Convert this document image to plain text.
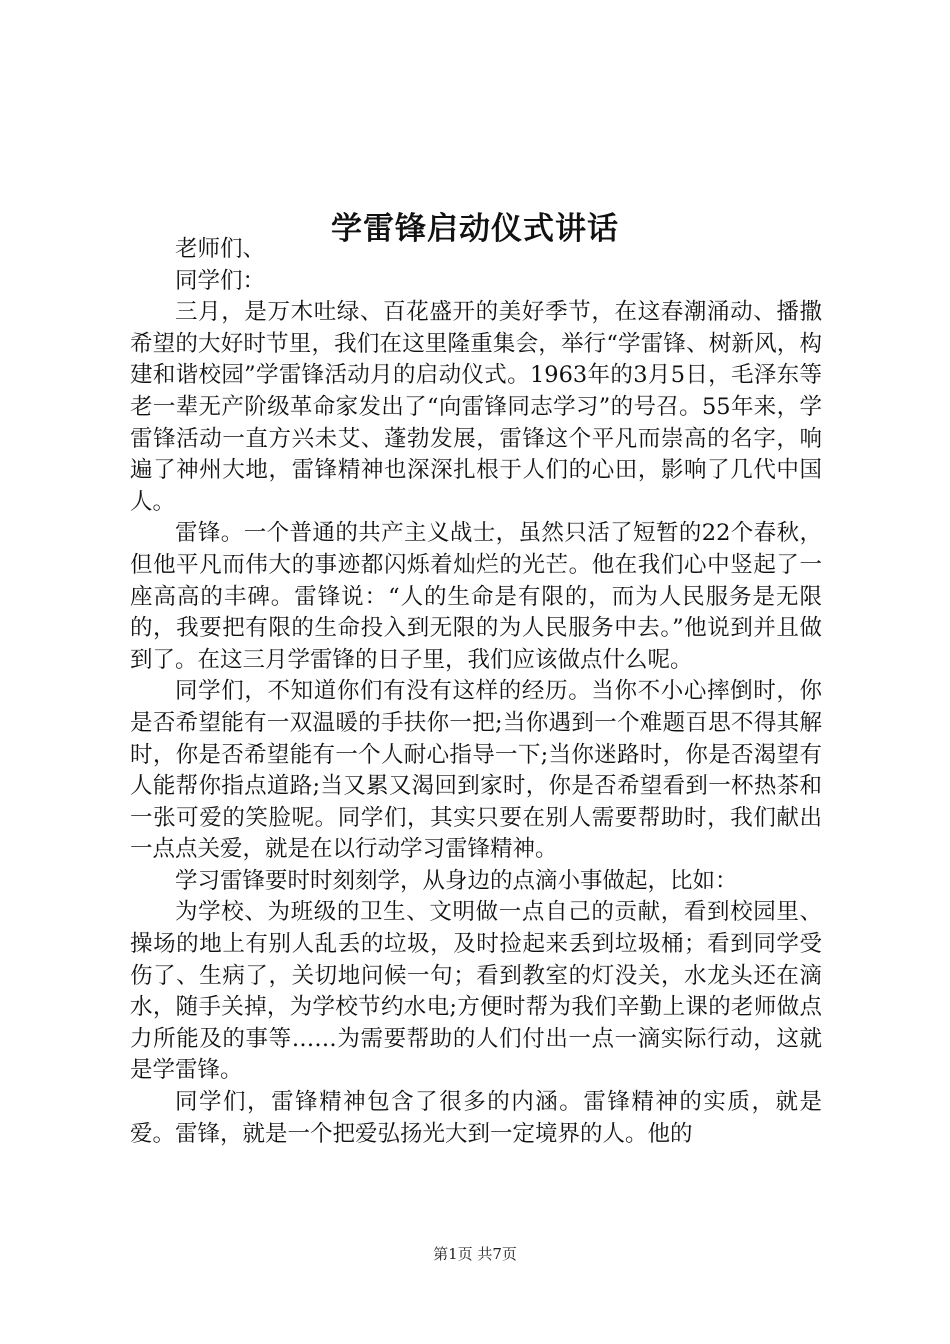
学雷锋启动仪式讲话

老师们、

同学们：

三月，是万木吐绿、百花盛开的美好季节，在这春潮涌动、播撒希望的大好时节里，我们在这里隆重集会，举行“学雷锋、树新风，构建和谐校园”学雷锋活动月的启动仪式。1963年的3月5日，毛泽东等老一辈无产阶级革命家发出了“向雷锋同志学习”的号召。55年来，学雷锋活动一直方兴未艾、蓬勃发展，雷锋这个平凡而崇高的名字，响遍了神州大地，雷锋精神也深深扎根于人们的心田，影响了几代中国人。

雷锋。一个普通的共产主义战士，虽然只活了短暂的22个春秋，但他平凡而伟大的事迹都闪烁着灿烂的光芒。他在我们心中竖起了一座高高的丰碑。雷锋说：“人的生命是有限的，而为人民服务是无限的，我要把有限的生命投入到无限的为人民服务中去。”他说到并且做到了。在这三月学雷锋的日子里，我们应该做点什么呢。

同学们，不知道你们有没有这样的经历。当你不小心摔倒时，你是否希望能有一双温暖的手扶你一把;当你遇到一个难题百思不得其解时，你是否希望能有一个人耐心指导一下;当你迷路时，你是否渴望有人能帮你指点道路;当又累又渴回到家时，你是否希望看到一杯热茶和一张可爱的笑脸呢。同学们，其实只要在别人需要帮助时，我们献出一点点关爱，就是在以行动学习雷锋精神。

学习雷锋要时时刻刻学，从身边的点滴小事做起，比如：

为学校、为班级的卫生、文明做一点自己的贡献，看到校园里、操场的地上有别人乱丢的垃圾，及时捡起来丢到垃圾桶；看到同学受伤了、生病了，关切地问候一句；看到教室的灯没关，水龙头还在滴水，随手关掉，为学校节约水电;方便时帮为我们辛勤上课的老师做点力所能及的事等……为需要帮助的人们付出一点一滴实际行动，这就是学雷锋。

同学们，雷锋精神包含了很多的内涵。雷锋精神的实质，就是爱。雷锋，就是一个把爱弘扬光大到一定境界的人。他的

第1页 共7页
